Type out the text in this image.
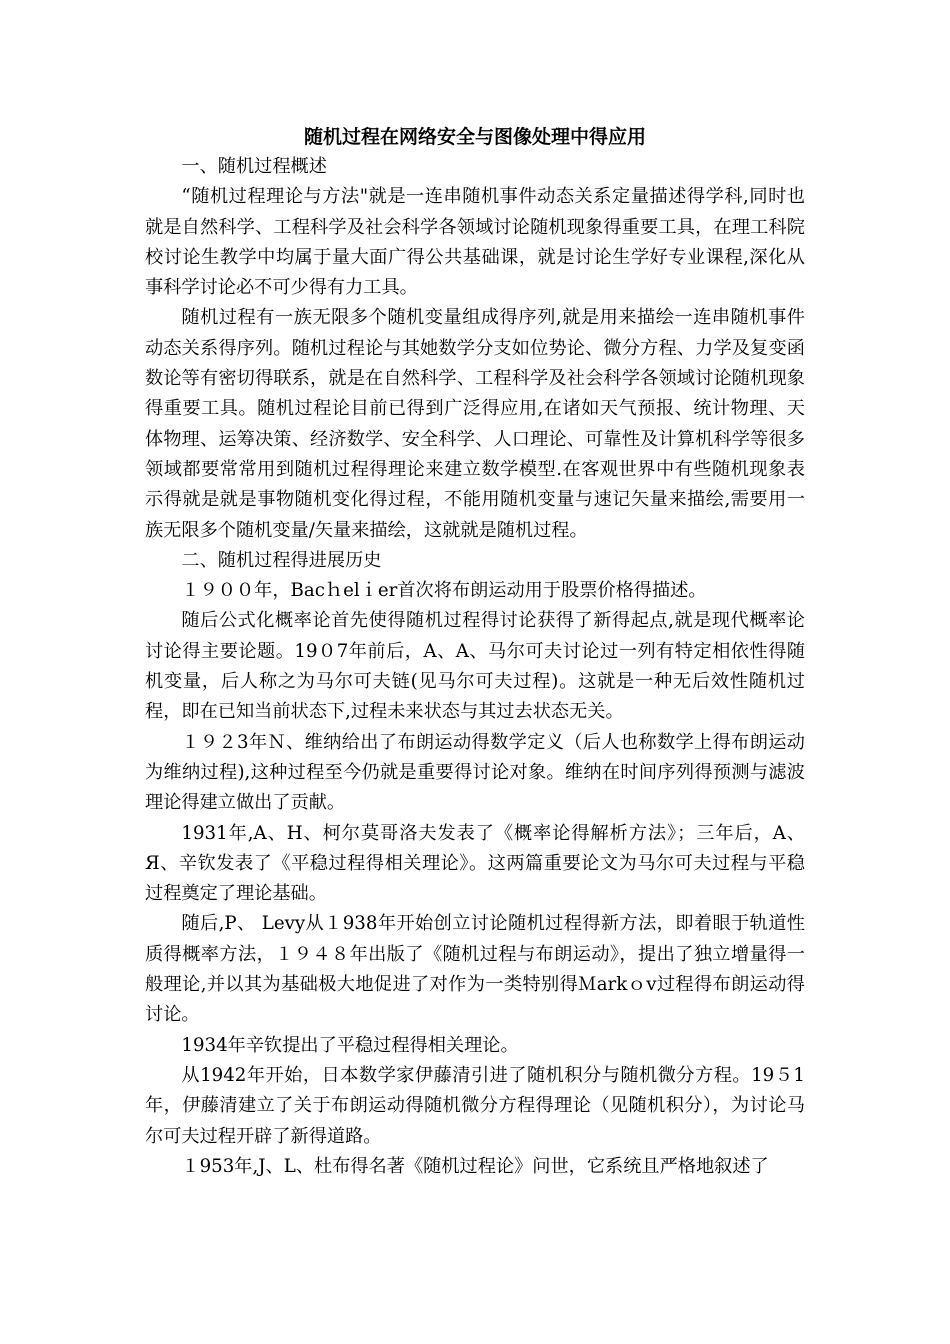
随机过程在网络安全与图像处理中得应用

一、随机过程概述

“随机过程理论与方法"就是一连串随机事件动态关系定量描述得学科,同时也就是自然科学、工程科学及社会科学各领域讨论随机现象得重要工具，在理工科院校讨论生教学中均属于量大面广得公共基础课，就是讨论生学好专业课程,深化从事科学讨论必不可少得有力工具。

随机过程有一族无限多个随机变量组成得序列,就是用来描绘一连串随机事件动态关系得序列。随机过程论与其她数学分支如位势论、微分方程、力学及复变函数论等有密切得联系，就是在自然科学、工程科学及社会科学各领域讨论随机现象得重要工具。随机过程论目前已得到广泛得应用,在诸如天气预报、统计物理、天体物理、运筹决策、经济数学、安全科学、人口理论、可靠性及计算机科学等很多领域都要常常用到随机过程得理论来建立数学模型.在客观世界中有些随机现象表示得就是就是事物随机变化得过程，不能用随机变量与速记矢量来描绘,需要用一族无限多个随机变量/矢量来描绘，这就就是随机过程。

二、随机过程得进展历史

１９００年，Bacｈelｉer首次将布朗运动用于股票价格得描述。

随后公式化概率论首先使得随机过程得讨论获得了新得起点,就是现代概率论讨论得主要论题。19０7年前后，A、A、马尔可夫讨论过一列有特定相依性得随机变量，后人称之为马尔可夫链(见马尔可夫过程)。这就是一种无后效性随机过程，即在已知当前状态下,过程未来状态与其过去状态无关。

１９２3年Ｎ、维纳给出了布朗运动得数学定义（后人也称数学上得布朗运动为维纳过程),这种过程至今仍就是重要得讨论对象。维纳在时间序列得预测与滤波理论得建立做出了贡献。

1931年,A、H、柯尔莫哥洛夫发表了《概率论得解析方法》；三年后，A、Я、辛钦发表了《平稳过程得相关理论》。这两篇重要论文为马尔可夫过程与平稳过程奠定了理论基础。

随后,P、 Levy从１938年开始创立讨论随机过程得新方法，即着眼于轨道性质得概率方法，１９４８年出版了《随机过程与布朗运动》，提出了独立增量得一般理论,并以其为基础极大地促进了对作为一类特别得Ｍarkｏv过程得布朗运动得讨论。

1934年辛钦提出了平稳过程得相关理论。

从1942年开始，日本数学家伊藤清引进了随机积分与随机微分方程。19５1年，伊藤清建立了关于布朗运动得随机微分方程得理论（见随机积分），为讨论马尔可夫过程开辟了新得道路。

１953年,J、L、杜布得名著《随机过程论》问世，它系统且严格地叙述了
